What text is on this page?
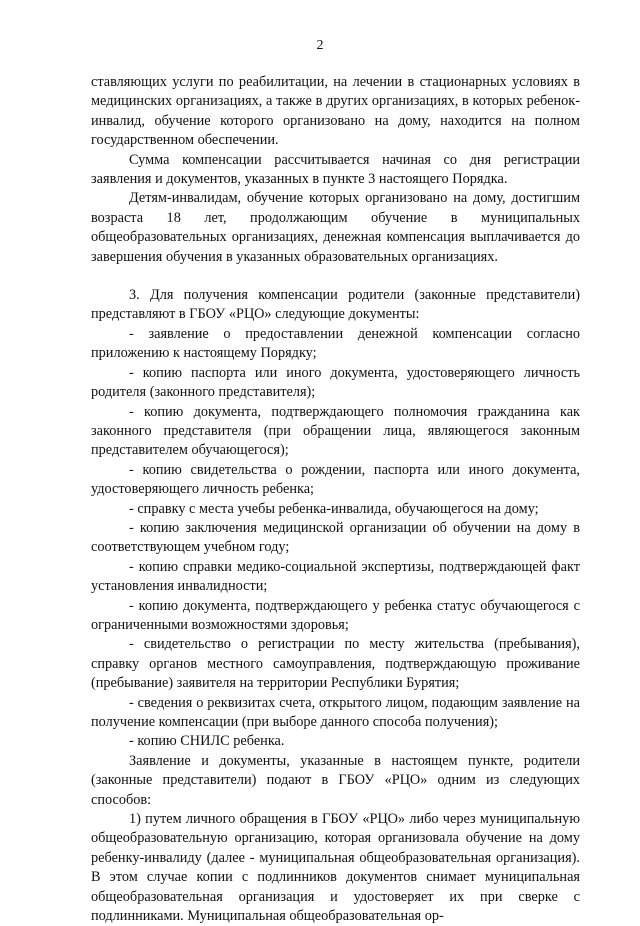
2

ставляющих услуги по реабилитации, на лечении в стационарных условиях в медицинских организациях, а также в других организациях, в которых ребенок-инвалид, обучение которого организовано на дому, находится на полном государственном обеспечении.

Сумма компенсации рассчитывается начиная со дня регистрации заявления и документов, указанных в пункте 3 настоящего Порядка.

Детям-инвалидам, обучение которых организовано на дому, достигшим возраста 18 лет, продолжающим обучение в муниципальных общеобразовательных организациях, денежная компенсация выплачивается до завершения обучения в указанных образовательных организациях.

3. Для получения компенсации родители (законные представители) представляют в ГБОУ «РЦО» следующие документы:

- заявление о предоставлении денежной компенсации согласно приложению к настоящему Порядку;

- копию паспорта или иного документа, удостоверяющего личность родителя (законного представителя);

- копию документа, подтверждающего полномочия гражданина как законного представителя (при обращении лица, являющегося законным представителем обучающегося);

- копию свидетельства о рождении, паспорта или иного документа, удостоверяющего личность ребенка;

- справку с места учебы ребенка-инвалида, обучающегося на дому;

- копию заключения медицинской организации об обучении на дому в соответствующем учебном году;

- копию справки медико-социальной экспертизы, подтверждающей факт установления инвалидности;

- копию документа, подтверждающего у ребенка статус обучающегося с ограниченными возможностями здоровья;

- свидетельство о регистрации по месту жительства (пребывания), справку органов местного самоуправления, подтверждающую проживание (пребывание) заявителя на территории Республики Бурятия;

- сведения о реквизитах счета, открытого лицом, подающим заявление на получение компенсации (при выборе данного способа получения);

- копию СНИЛС ребенка.

Заявление и документы, указанные в настоящем пункте, родители (законные представители) подают в ГБОУ «РЦО» одним из следующих способов:

1) путем личного обращения в ГБОУ «РЦО» либо через муниципальную общеобразовательную организацию, которая организовала обучение на дому ребенку-инвалиду (далее - муниципальная общеобразовательная организация). В этом случае копии с подлинников документов снимает муниципальная общеобразовательная организация и удостоверяет их при сверке с подлинниками. Муниципальная общеобразовательная ор-
